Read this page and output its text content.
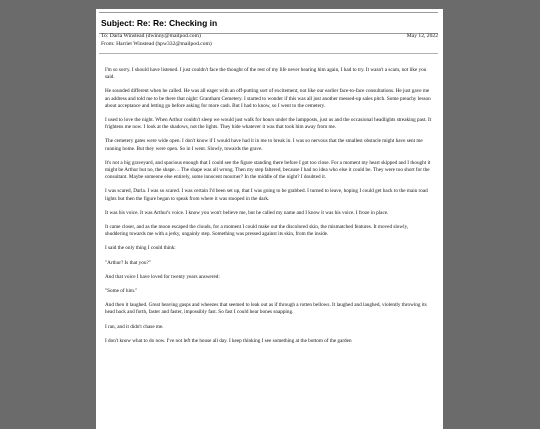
Subject: Re: Re: Checking in
To: Darla Winstead (dwinny@mailpod.com)
From: Harriet Winstead (hpw332@mailpod.com)
May 12, 2022

I'm so sorry. I should have listened. I just couldn't face the thought of the rest of my life never hearing him again, I had to try. It wasn't a scam, not like you said.

He sounded different when he called. He was all eager with an off-putting sort of excitement, not like our earlier face-to-face consultations. He just gave me an address and told me to be there that night: Grantham Cemetery. I started to wonder if this was all just another messed-up sales pitch. Some preachy lesson about acceptance and letting go before asking for more cash. But I had to know, so I went to the cemetery.

I used to love the night. When Arthur couldn't sleep we would just walk for hours under the lampposts, just us and the occasional headlights streaking past. It frightens me now. I look at the shadows, not the lights. They hide whatever it was that took him away from me.

The cemetery gates were wide open. I don't know if I would have had it in me to break in. I was so nervous that the smallest obstacle might have sent me running home. But they were open. So in I went. Slowly, towards the grave.

It's not a big graveyard, and spacious enough that I could see the figure standing there before I got too close. For a moment my heart skipped and I thought it might be Arthur but no, the shape… The shape was all wrong. Then my step faltered, because I had no idea who else it could be. They were too short for the consultant. Maybe someone else entirely, some innocent mourner? In the middle of the night? I doubted it.

I was scared, Darla. I was so scared. I was certain I'd been set up, that I was going to be grabbed. I turned to leave, hoping I could get back to the main road lights but then the figure began to speak from where it was stooped in the dark.

It was his voice. It was Arthur's voice. I know you won't believe me, but he called my name and I know it was his voice. I froze in place.

It came closer, and as the moon escaped the clouds, for a moment I could make out the discolored skin, the mismatched features. It moved slowly, shuddering towards me with a jerky, ungainly step. Something was pressed against its skin, from the inside.

I said the only thing I could think:

"Arthur? Is that you?"

And that voice I have loved for twenty years answered:

"Some of him."

And then it laughed. Great heaving gasps and wheezes that seemed to leak out as if through a rotten bellows. It laughed and laughed, violently throwing its head back and forth, faster and faster, impossibly fast. So fast I could hear bones snapping.

I ran, and it didn't chase me.

I don't know what to do now. I've not left the house all day. I keep thinking I see something at the bottom of the garden
